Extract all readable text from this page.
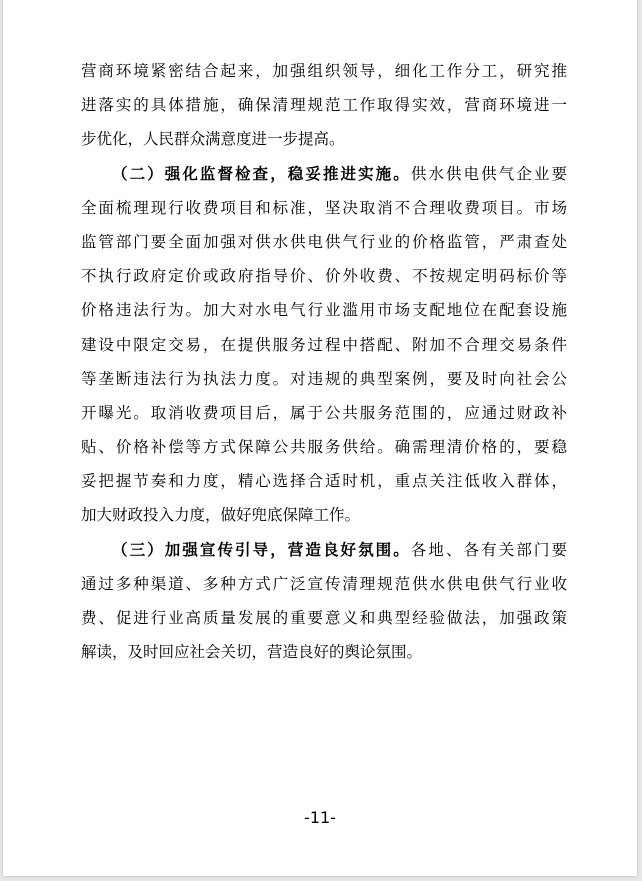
营商环境紧密结合起来，加强组织领导，细化工作分工，研究推
进落实的具体措施，确保清理规范工作取得实效，营商环境进一
步优化，人民群众满意度进一步提高。
（二）强化监督检查，稳妥推进实施。供水供电供气企业要
全面梳理现行收费项目和标准，坚决取消不合理收费项目。市场
监管部门要全面加强对供水供电供气行业的价格监管，严肃查处
不执行政府定价或政府指导价、价外收费、不按规定明码标价等
价格违法行为。加大对水电气行业滥用市场支配地位在配套设施
建设中限定交易，在提供服务过程中搭配、附加不合理交易条件
等垄断违法行为执法力度。对违规的典型案例，要及时向社会公
开曝光。取消收费项目后，属于公共服务范围的，应通过财政补
贴、价格补偿等方式保障公共服务供给。确需理清价格的，要稳
妥把握节奏和力度，精心选择合适时机，重点关注低收入群体，
加大财政投入力度，做好兜底保障工作。
（三）加强宣传引导，营造良好氛围。各地、各有关部门要
通过多种渠道、多种方式广泛宣传清理规范供水供电供气行业收
费、促进行业高质量发展的重要意义和典型经验做法，加强政策
解读，及时回应社会关切，营造良好的舆论氛围。
-11-
